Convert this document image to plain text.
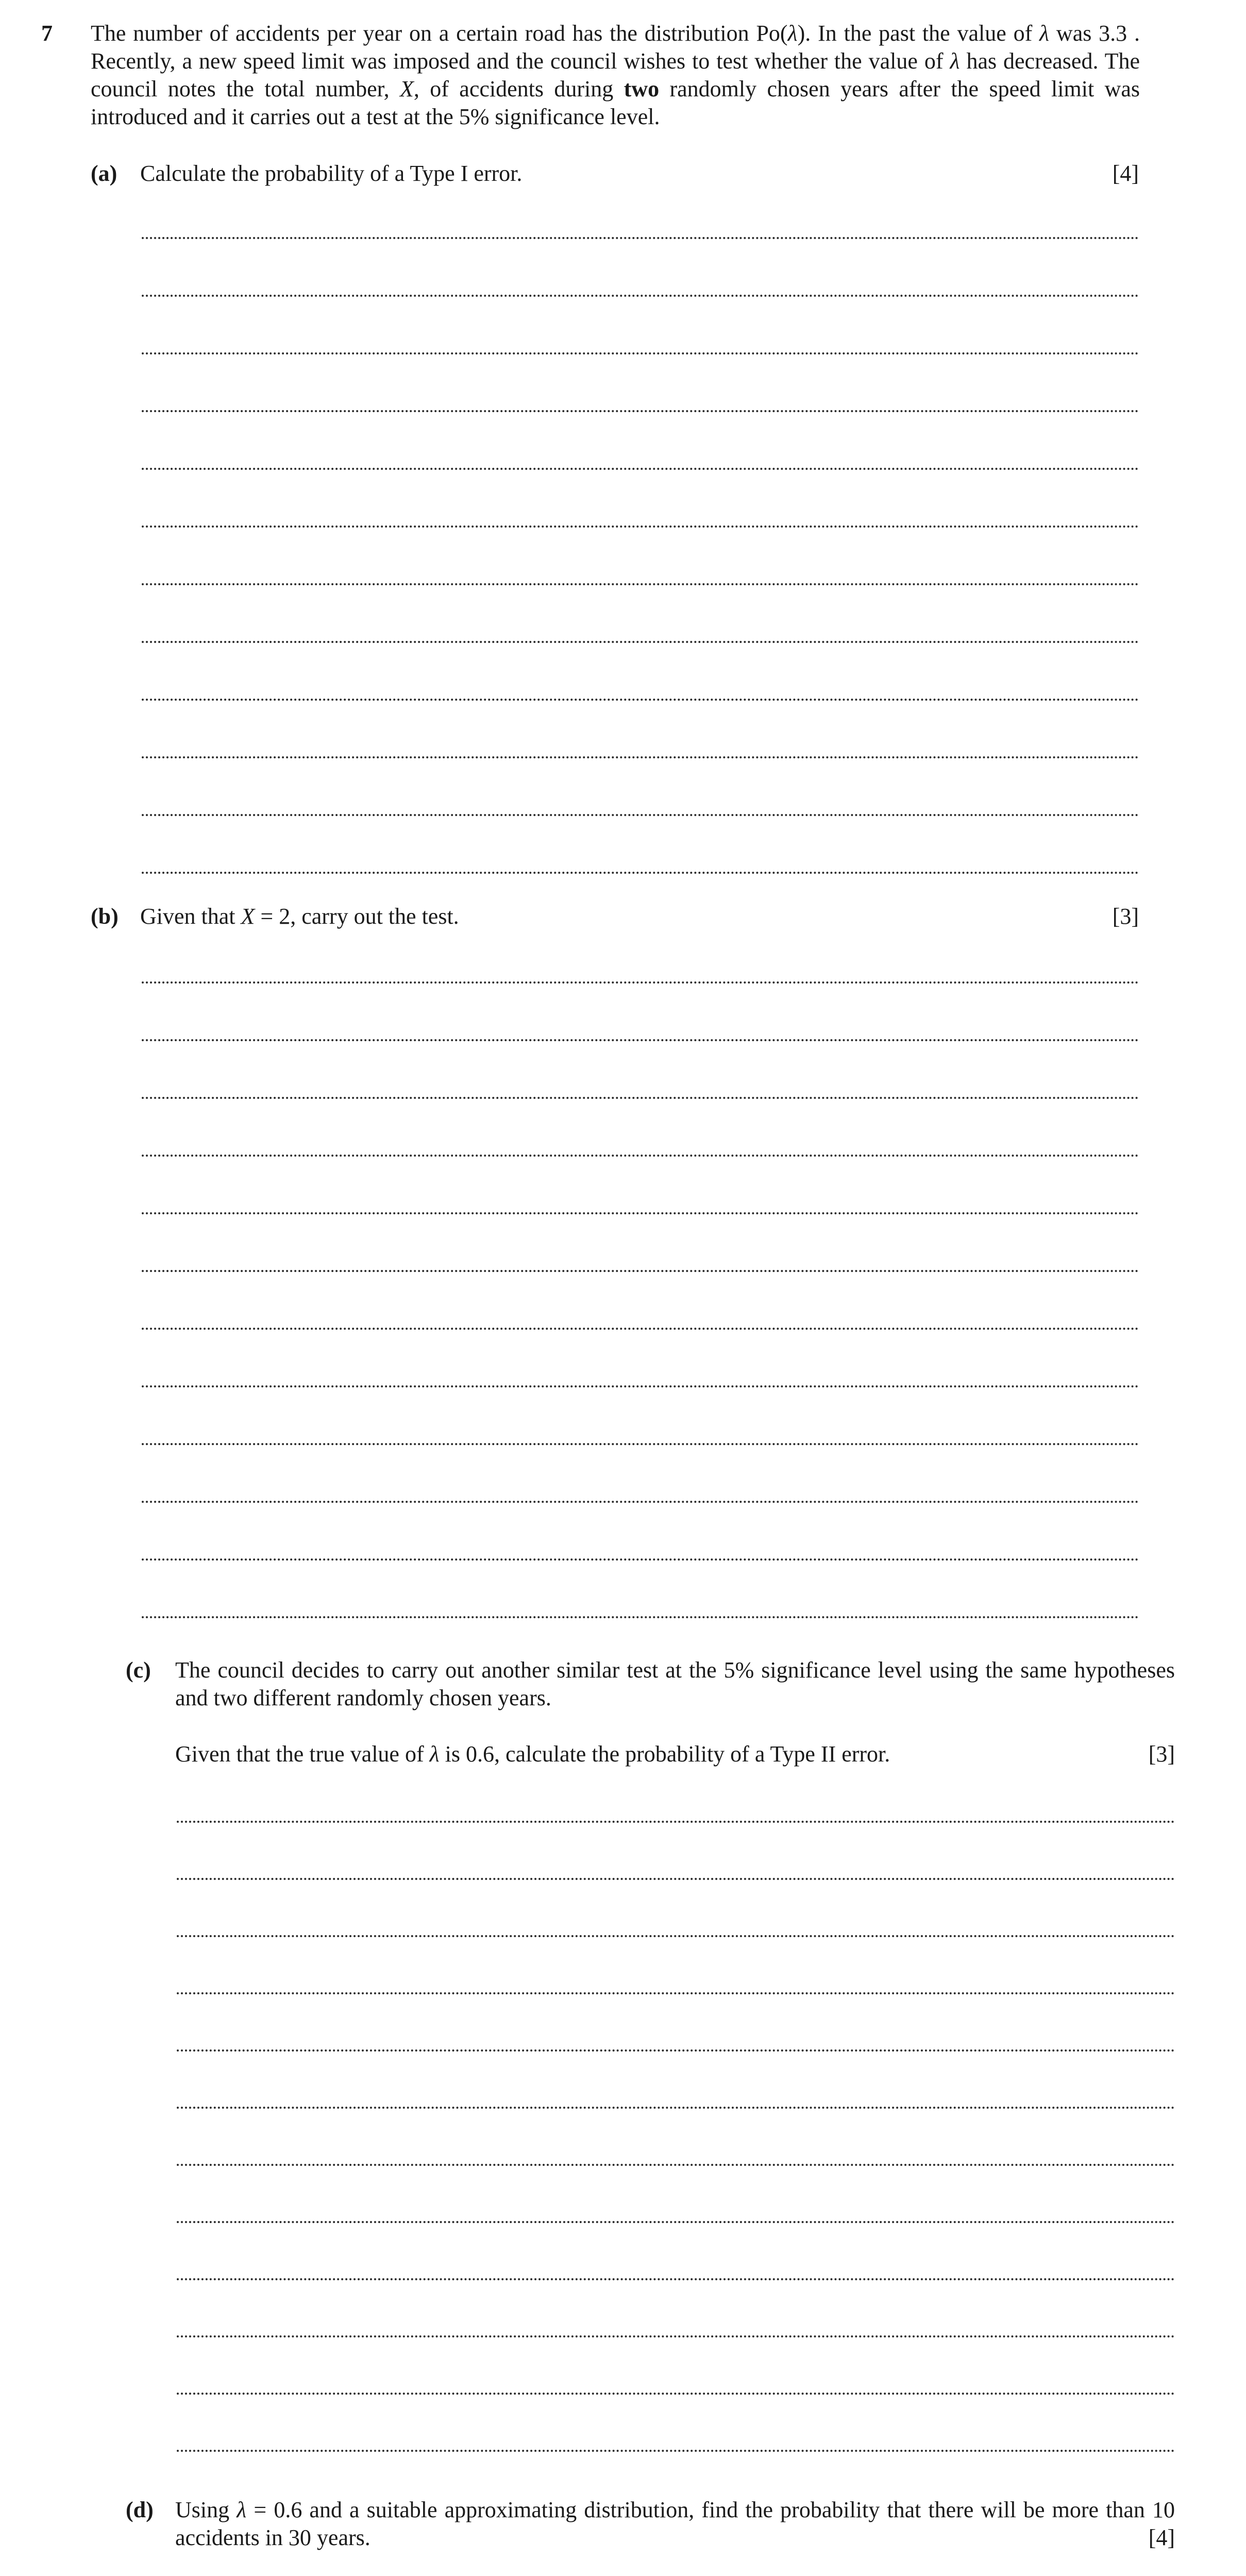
7 The number of accidents per year on a certain road has the distribution Po(λ). In the past the value of λ was 3.3 . Recently, a new speed limit was imposed and the council wishes to test whether the value of λ has decreased. The council notes the total number, X, of accidents during two randomly chosen years after the speed limit was introduced and it carries out a test at the 5% significance level.
(a) Calculate the probability of a Type I error.	[4]
(b) Given that X = 2, carry out the test.	[3]
(c) The council decides to carry out another similar test at the 5% significance level using the same hypotheses and two different randomly chosen years.
Given that the true value of λ is 0.6, calculate the probability of a Type II error.	[3]
(d) Using λ = 0.6 and a suitable approximating distribution, find the probability that there will be more than 10 accidents in 30 years.	[4]
